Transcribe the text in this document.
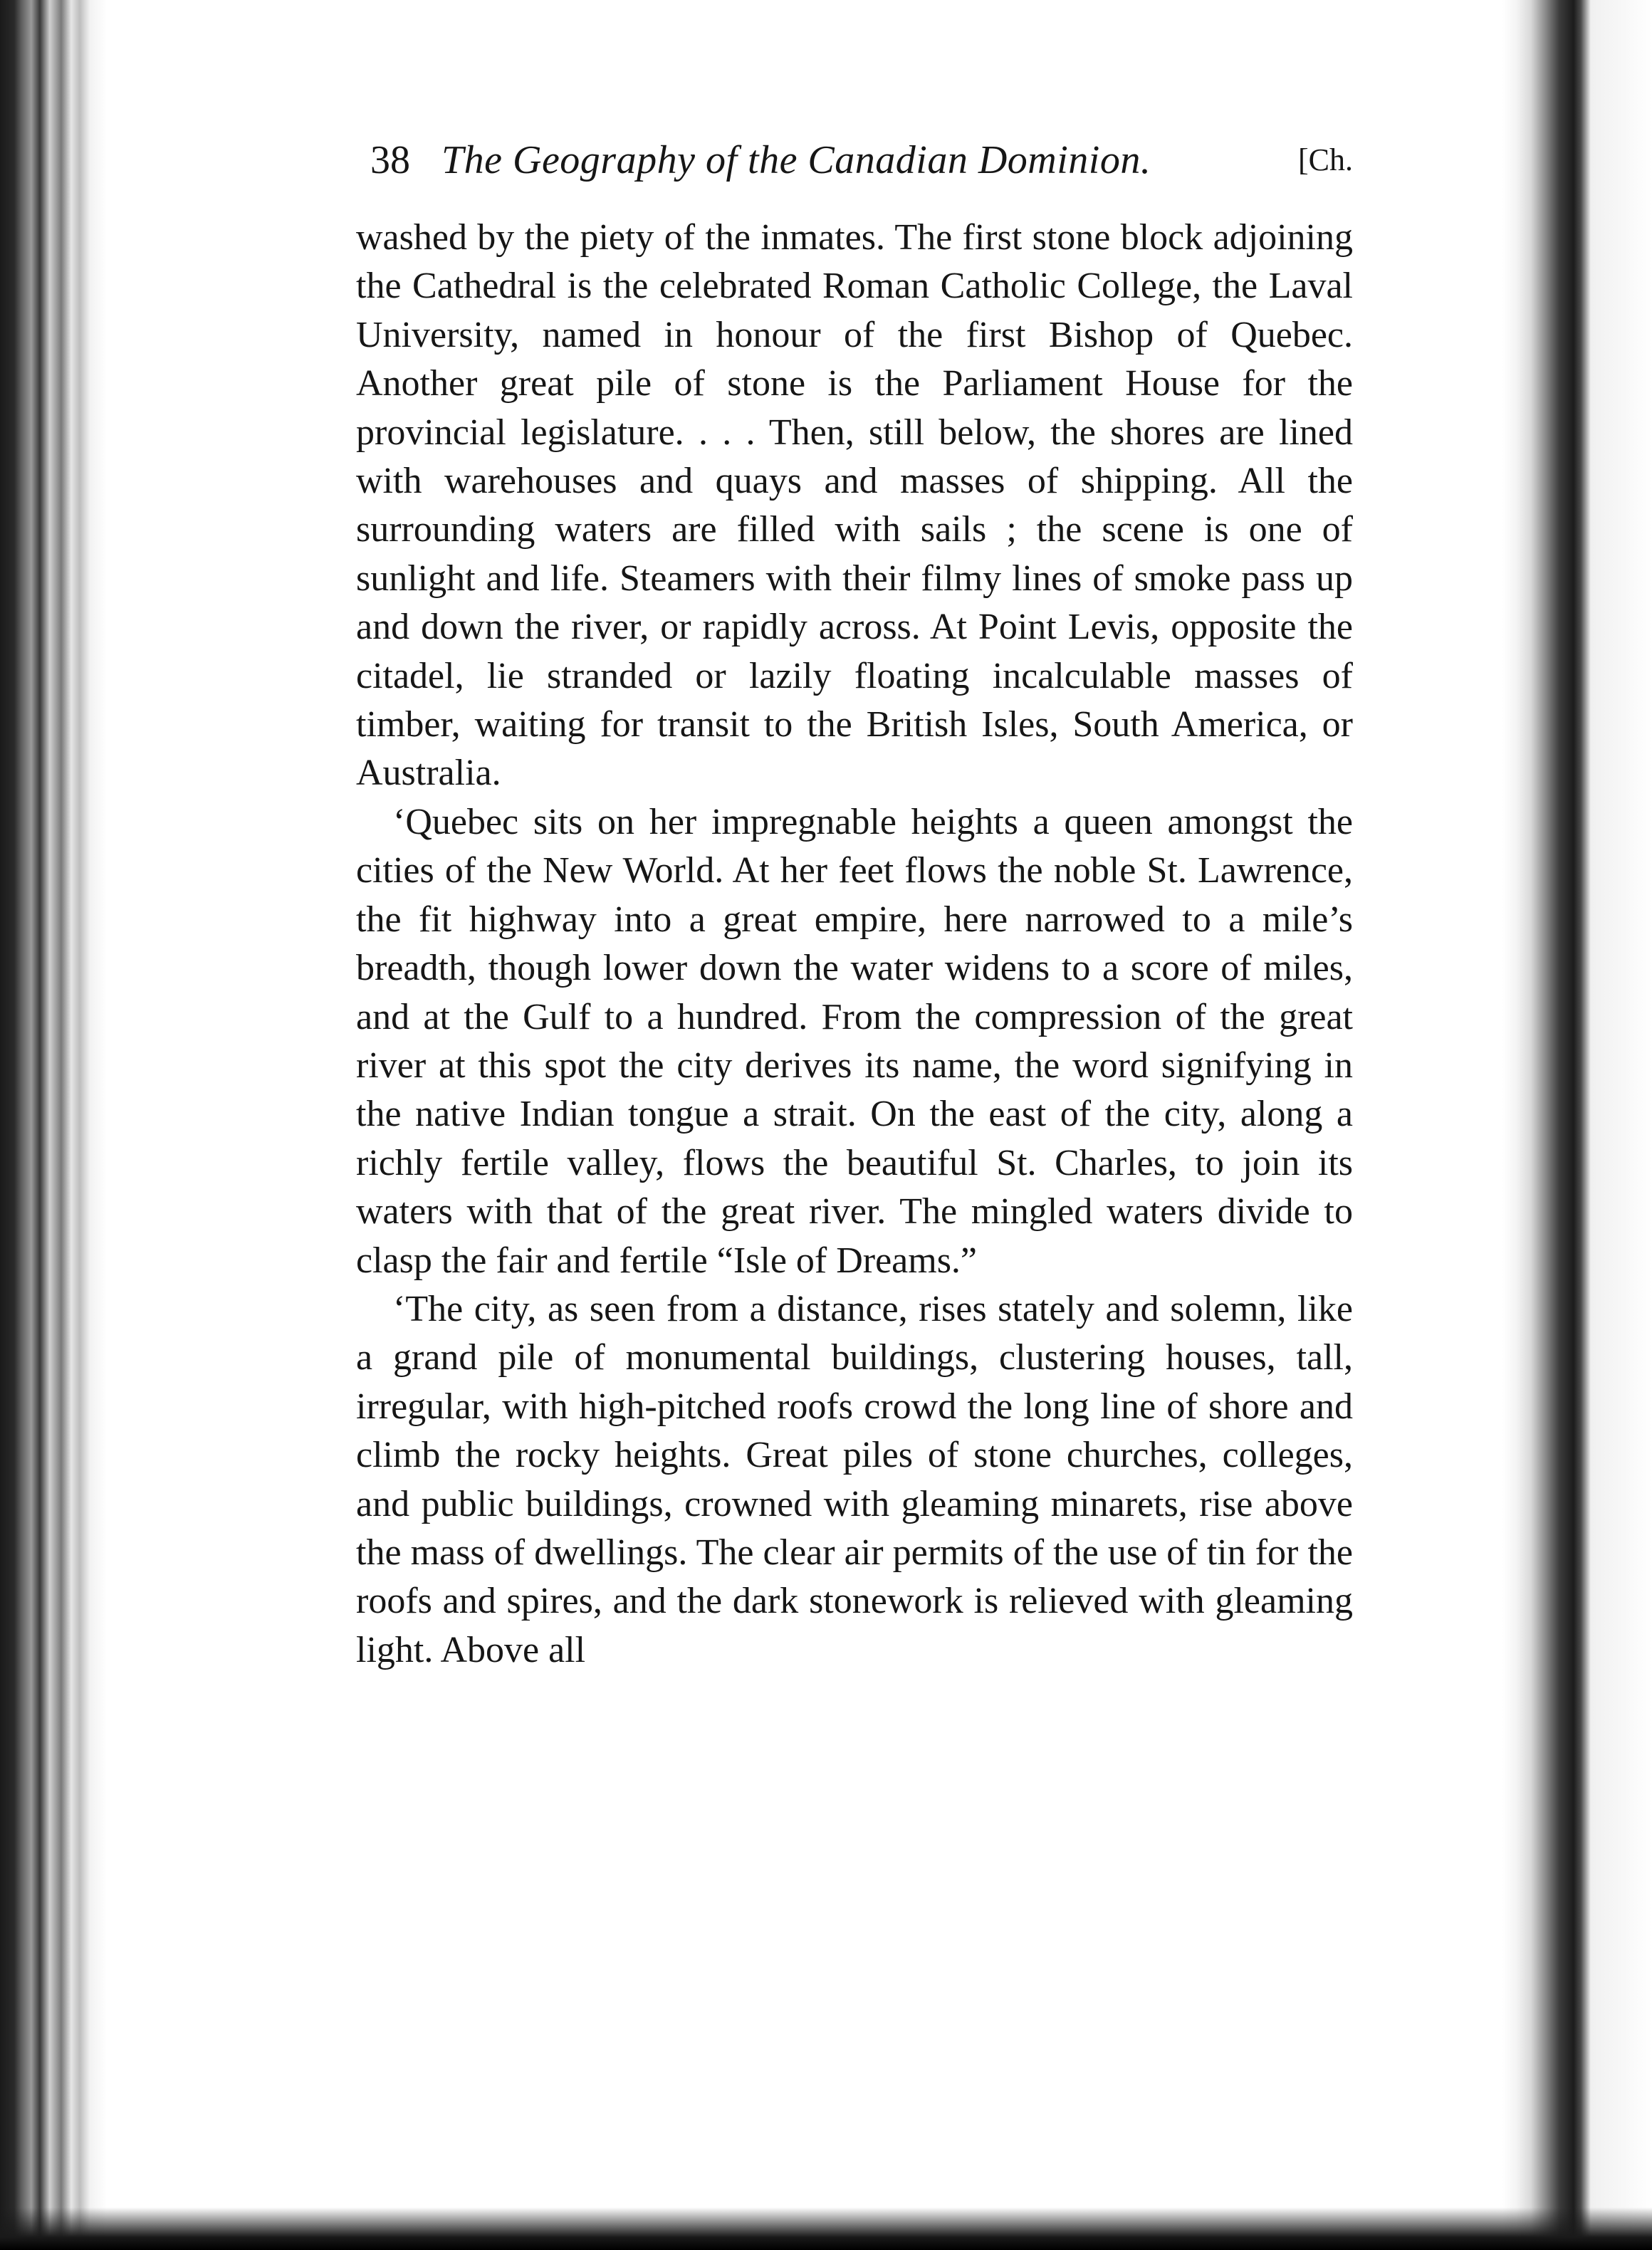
38 The Geography of the Canadian Dominion.	[Ch.

washed by the piety of the inmates. The first stone block adjoining the Cathedral is the celebrated Roman Catholic College, the Laval University, named in honour of the first Bishop of Quebec. Another great pile of stone is the Parliament House for the provincial legislature. . . . Then, still below, the shores are lined with warehouses and quays and masses of shipping. All the surrounding waters are filled with sails ; the scene is one of sunlight and life. Steamers with their filmy lines of smoke pass up and down the river, or rapidly across. At Point Levis, opposite the citadel, lie stranded or lazily floating incalculable masses of timber, waiting for transit to the British Isles, South America, or Australia.

‘Quebec sits on her impregnable heights a queen amongst the cities of the New World. At her feet flows the noble St. Lawrence, the fit highway into a great empire, here narrowed to a mile’s breadth, though lower down the water widens to a score of miles, and at the Gulf to a hundred. From the compression of the great river at this spot the city derives its name, the word signifying in the native Indian tongue a strait. On the east of the city, along a richly fertile valley, flows the beautiful St. Charles, to join its waters with that of the great river. The mingled waters divide to clasp the fair and fertile “Isle of Dreams.”

‘The city, as seen from a distance, rises stately and solemn, like a grand pile of monumental buildings, clustering houses, tall, irregular, with high-pitched roofs crowd the long line of shore and climb the rocky heights. Great piles of stone churches, colleges, and public buildings, crowned with gleaming minarets, rise above the mass of dwellings. The clear air permits of the use of tin for the roofs and spires, and the dark stonework is relieved with gleaming light. Above all
